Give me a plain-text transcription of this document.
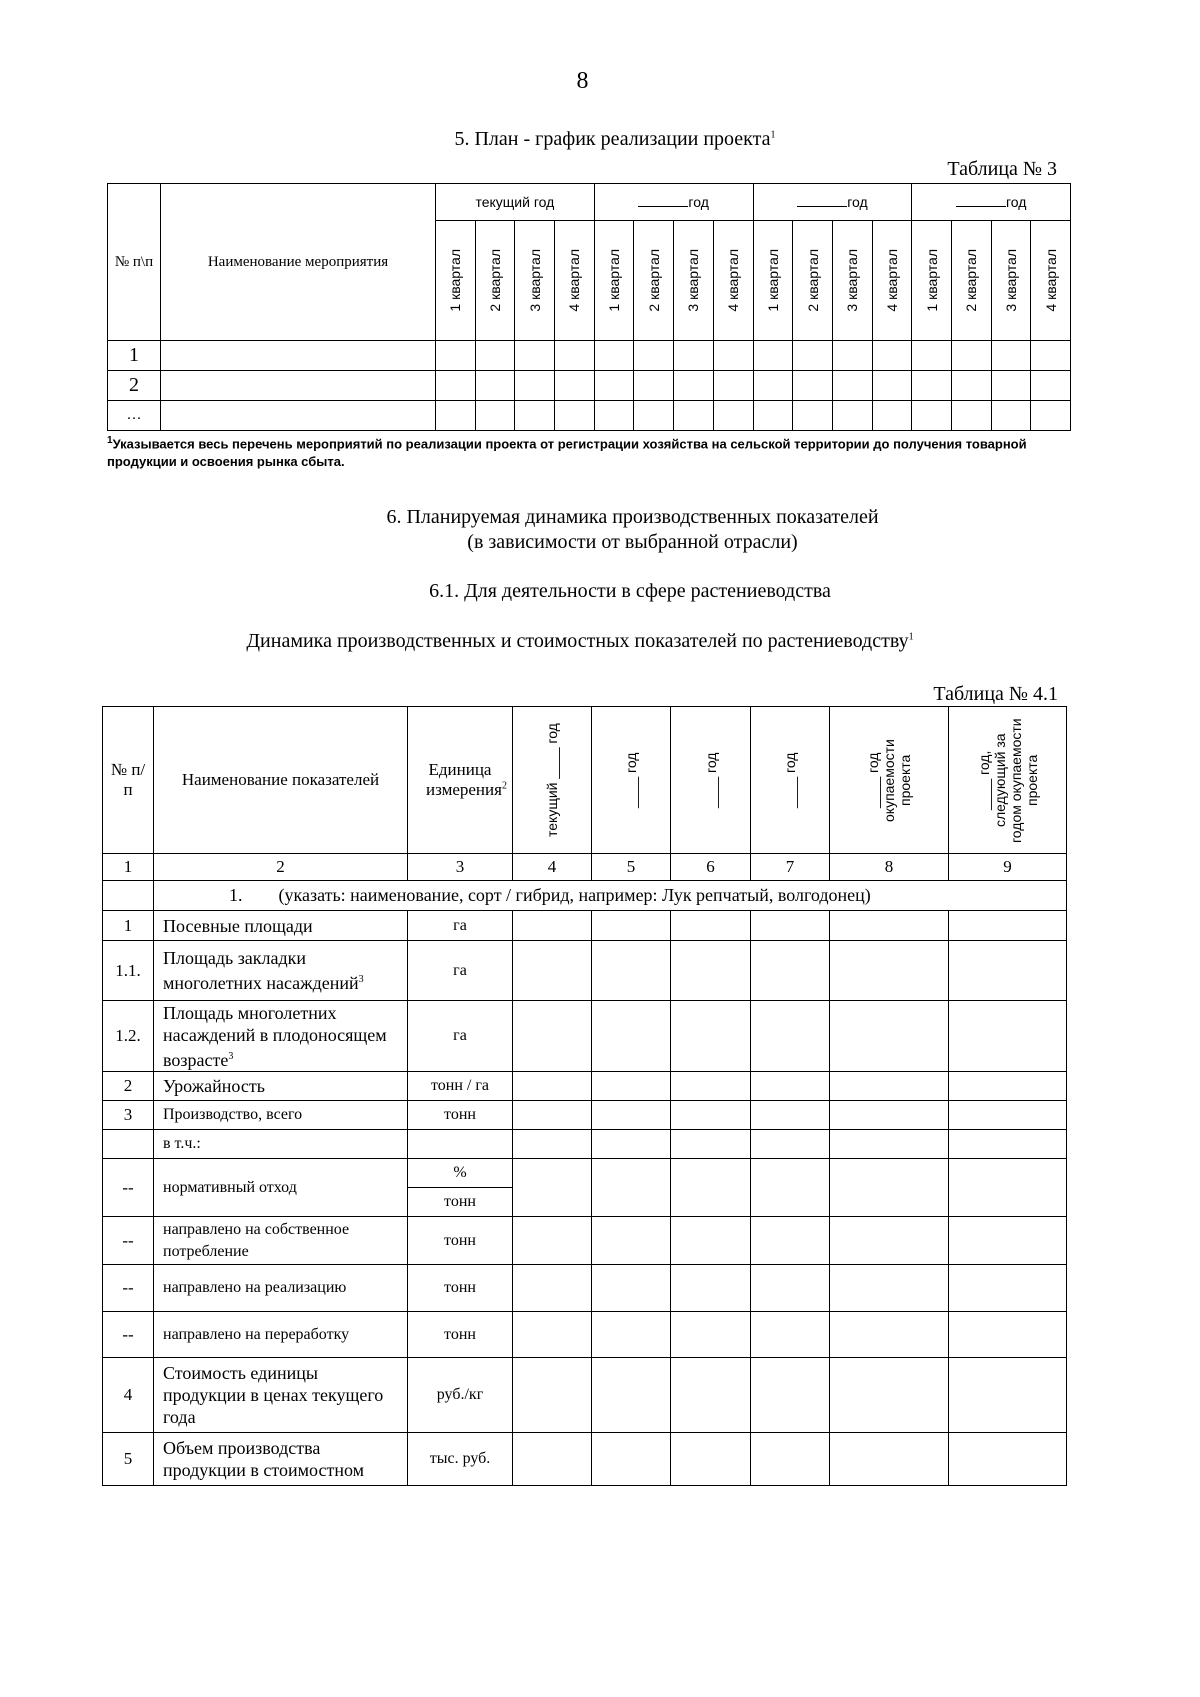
8
5. План - график реализации проекта$^1$
Таблица № 3
№ п\п	Наименование мероприятия	текущий год				год				год				год			

		1 квартал	2 квартал	3 квартал	4 квартал	1 квартал	2 квартал	3 квартал	4 квартал	1 квартал	2 квартал	3 квартал	4 квартал	1 квартал	2 квартал	3 квартал	4 квартал

1																	
2																	
…																	
$^1$Указывается весь перечень мероприятий по реализации проекта от регистрации хозяйства на сельской территории до получения товарной продукции и освоения рынка сбыта.
6. Планируемая динамика производственных показателей
(в зависимости от выбранной отрасли)
6.1. Для деятельности в сфере растениеводства
Динамика производственных и стоимостных показателей по растениеводству$^1$
Таблица № 4.1
№ п/п	Наименование показателей	Единица измерения$^2$	текущий ____ год	____ год	____ год	____ год	____ год окупаемости проекта	____ год, следующий за годом окупаемости проекта

1	2	3	4	5	6	7	8	9
	1.        (указать: наименование, сорт / гибрид, например: Лук репчатый, волгодонец)							
1	Посевные площади	га						
1.1.	Площадь закладки многолетних насаждений$^3$	га						
1.2.	Площадь многолетних насаждений в плодоносящем возрасте$^3$	га						
2	Урожайность	тонн / га						
3	Производство, всего	тонн						
	в т.ч.:							
--	нормативный отход	%						
		тонн						
--	направлено на собственное потребление	тонн						
--	направлено на реализацию	тонн						
--	направлено на переработку	тонн						
4	Стоимость единицы продукции в ценах текущего года	руб./кг						
5	Объем производства продукции в стоимостном	тыс. руб.						
